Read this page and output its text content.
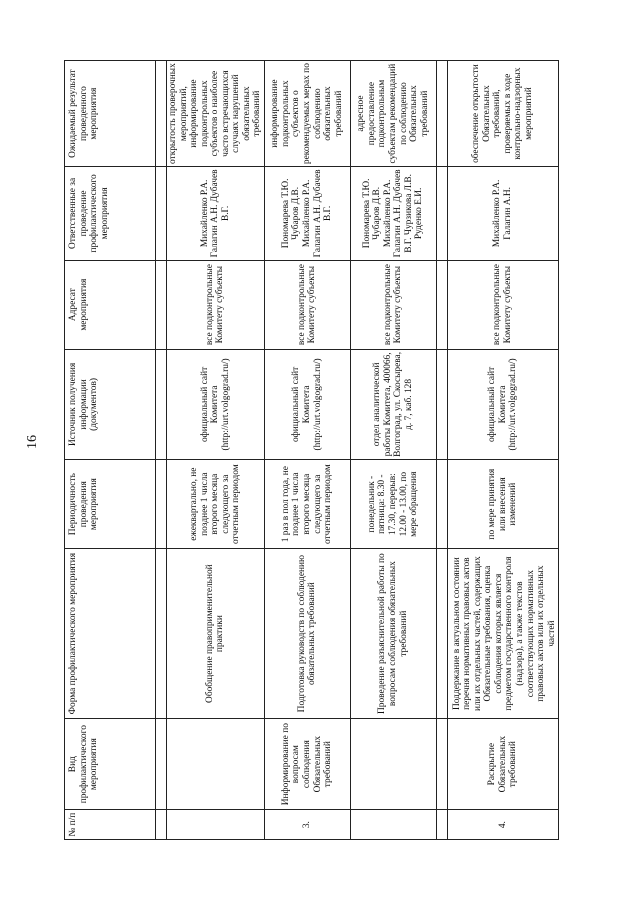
16
№ п/п	Вид профилактического мероприятия	Форма профилактического мероприятия	Периодичность проведения мероприятия	Источник получения информации (документов)	Адресат мероприятия	Ответственные за проведение профилактического мероприятия	Ожидаемый результат проведенного мероприятия

		Обобщение правоприменительной практики	ежеквартально, не позднее 1 числа второго месяца следующего за отчетным периодом	официальный сайт Комитета (http://urt.volgograd.ru/)	все подконтрольные Комитету субъекты	Михайленко Р.А. Галагин А.Н. Дубачев В.Г.	открытость проверочных мероприятий, информирование подконтрольных субъектов о наиболее часто встречающихся случаях нарушений обязательных требований
3.	Информирование по вопросам соблюдения Обязательных требований	Подготовка руководств по соблюдению обязательных требований	1 раз в пол года, не позднее 1 числа второго месяца следующего за отчетным периодом	официальный сайт Комитета (http://urt.volgograd.ru/)	все подконтрольные Комитету субъекты	Пономарева Т.Ю. Чубаров Д.В. Михайленко Р.А. Галагин А.Н. Дубачев В.Г.	информирование подконтрольных субъектов о рекомендуемых мерах по соблюдению обязательных требований
		Проведение разъяснительной работы по вопросам соблюдения обязательных требований	понедельник - пятница: 8.30 - 17.30, перерыв: 12.00 - 13.00, по мере обращения	отдел аналитической работы Комитета, 400066, Волгоград, ул. Скосырева, д. 7, каб. 128	все подконтрольные Комитету субъекты	Пономарева Т.Ю. Чубаров Д.В. Михайленко Р.А. Галагин А.Н. Дубачев В.Г. Чурзикова Л.В. Руденко Е.И.	адресное предоставление подконтрольным субъектам рекомендаций по соблюдению Обязательных требований

4.	Раскрытие Обязательных требований	Поддержание в актуальном состоянии перечня нормативных правовых актов или их отдельных частей, содержащих Обязательные требования, оценка соблюдения которых является предметом государственного контроля (надзора), а также текстов соответствующих нормативных правовых актов или их отдельных частей	по мере принятия или внесения изменений	официальный сайт Комитета (http://urt.volgograd.ru/)	все подконтрольные Комитету субъекты	Михайленко Р.А. Галагин А.Н.	обеспечение открытости Обязательных требований, проверяемых в ходе контрольно-надзорных мероприятий
